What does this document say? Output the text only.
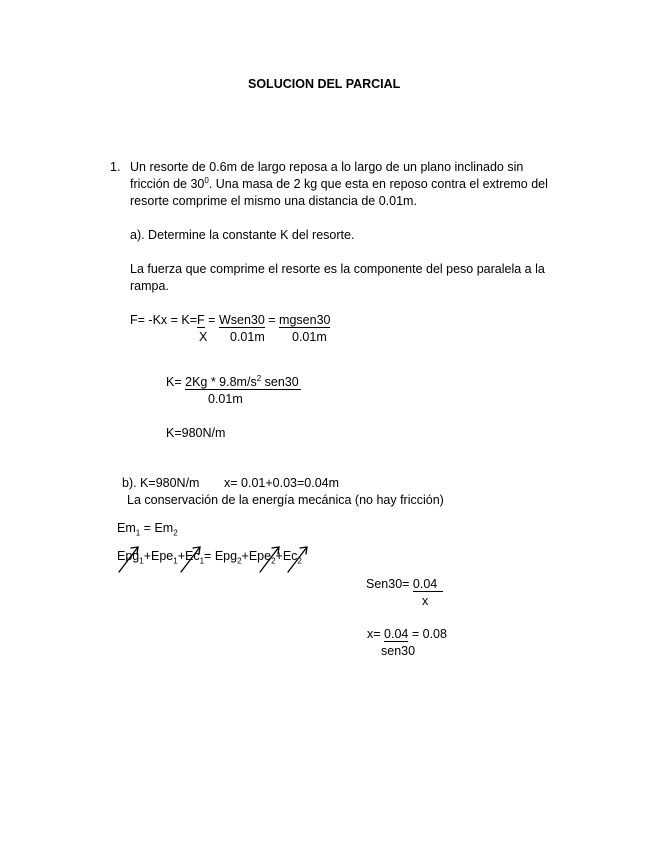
SOLUCION DEL PARCIAL
1. Un resorte de 0.6m de largo reposa a lo largo de un plano inclinado sin
fricción de $30^0$. Una masa de 2 kg que esta en reposo contra el extremo del
resorte comprime el mismo una distancia de 0.01m.
a). Determine la constante K del resorte.
La fuerza que comprime el resorte es la componente del peso paralela a la
rampa.
F= -Kx = K=F = Wsen30 = mgsen30
X 0.01m 0.01m
$K= 2Kg * 9.8m/s^2$ sen30
0.01m
K=980N/m
b). K=980N/m x= 0.01+0.03=0.04m
La conservación de la energía mecánica (no hay fricción)
$Em_1 = Em_2$
$Epg_1+Epe_1+Ec_1= Epg_2+Epe_2+Ec_2$
Sen30= 0.04
x
x= 0.04 = 0.08
sen30
